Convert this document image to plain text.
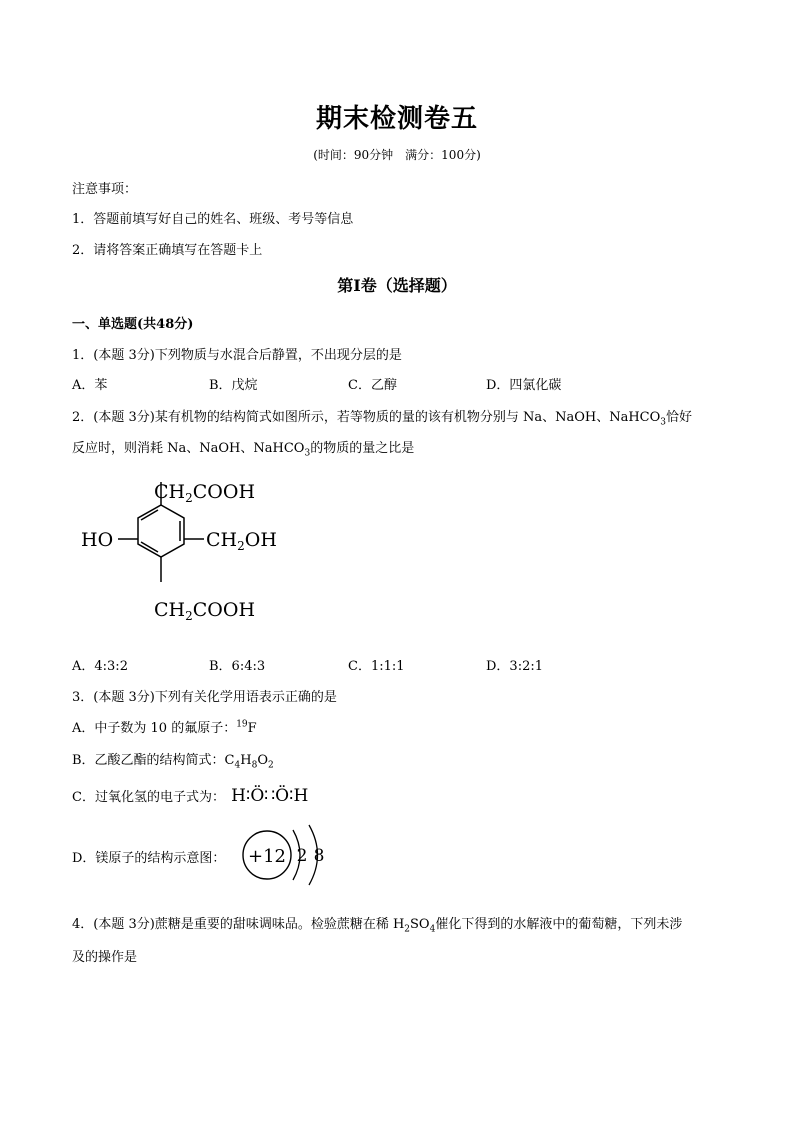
期末检测卷五
(时间：90分钟　满分：100分)
注意事项：
1．答题前填写好自己的姓名、班级、考号等信息
2．请将答案正确填写在答题卡上
第Ⅰ卷（选择题）
一、单选题(共48分)
1．(本题 3分)下列物质与水混合后静置，不出现分层的是
A．苯	B．戊烷	C．乙醇	D．四氯化碳
2．(本题 3分)某有机物的结构简式如图所示，若等物质的量的该有机物分别与 Na、NaOH、NaHCO$_3$恰好
反应时，则消耗 Na、NaOH、NaHCO$_3$的物质的量之比是
$CH_2COOH$
HO	$CH_2OH$
$CH_2COOH$
A．4:3:2	B．6:4:3	C．1:1:1	D．3:2:1
3．(本题 3分)下列有关化学用语表示正确的是
A．中子数为 10 的氟原子：$^{19}$F
B．乙酸乙酯的结构简式：$C_4H_8O_2$
C．过氧化氢的电子式为： H∶Ö∷Ö∶H
D．镁原子的结构示意图： +12 2 8
4．(本题 3分)蔗糖是重要的甜味调味品。检验蔗糖在稀 $H_2SO_4$催化下得到的水解液中的葡萄糖，下列未涉
及的操作是
